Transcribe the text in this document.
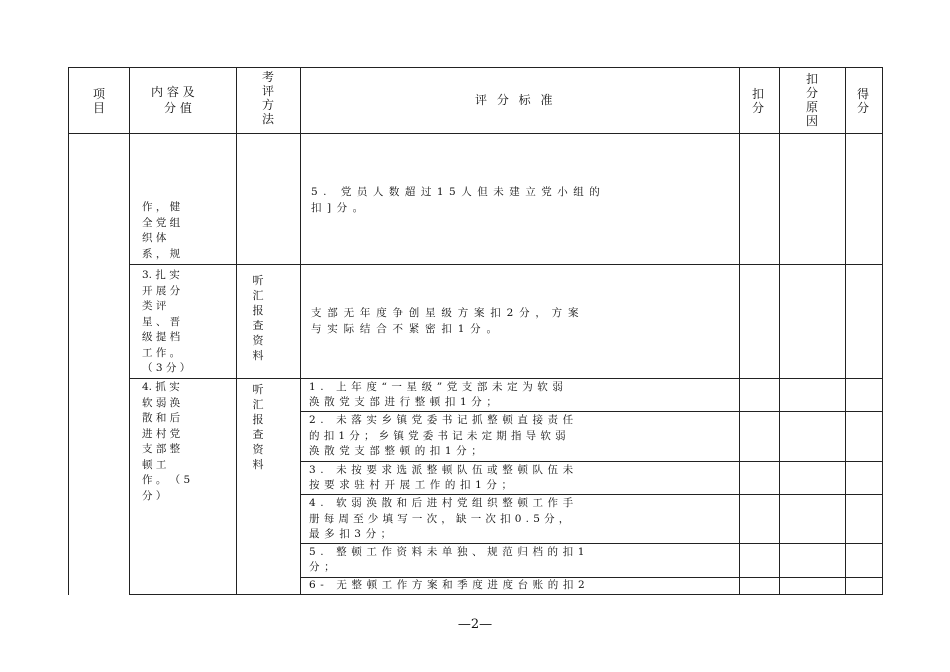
项目
内 容 及
分 值
考评方法
评 分 标 准	扣分
扣分原因
得分
作 ， 健
全 党 组
织 体
系 ， 规
5. 党员人数超过15人但未建立党小组的
扣]分。
3. 扎 实
开 展 分
类 评
星 、 晋
级 提 档
工 作 。
（ 3 分 ）
听汇报查资料
支部无年度争创星级方案扣2分，方案
与实际结合不紧密扣1分。
4. 抓 实
软 弱 涣
散 和 后
进 村 党
支 部 整
顿 工
作 。 （ 5
分 ）
听汇报查资料
1. 上年度“一星级”党支部未定为软弱
涣散党支部进行整顿扣1分；
2. 未落实乡镇党委书记抓整顿直接责任
的扣1分；乡镇党委书记未定期指导软弱
涣散党支部整顿的扣1分；
3. 未按要求选派整顿队伍或整顿队伍未
按要求驻村开展工作的扣1分；
4. 软弱涣散和后进村党组织整顿工作手
册每周至少填写一次，缺一次扣0.5分，
最多扣3分；
5. 整顿工作资料未单独、规范归档的扣1
分；
6- 无整顿工作方案和季度进度台账的扣2
—2—
